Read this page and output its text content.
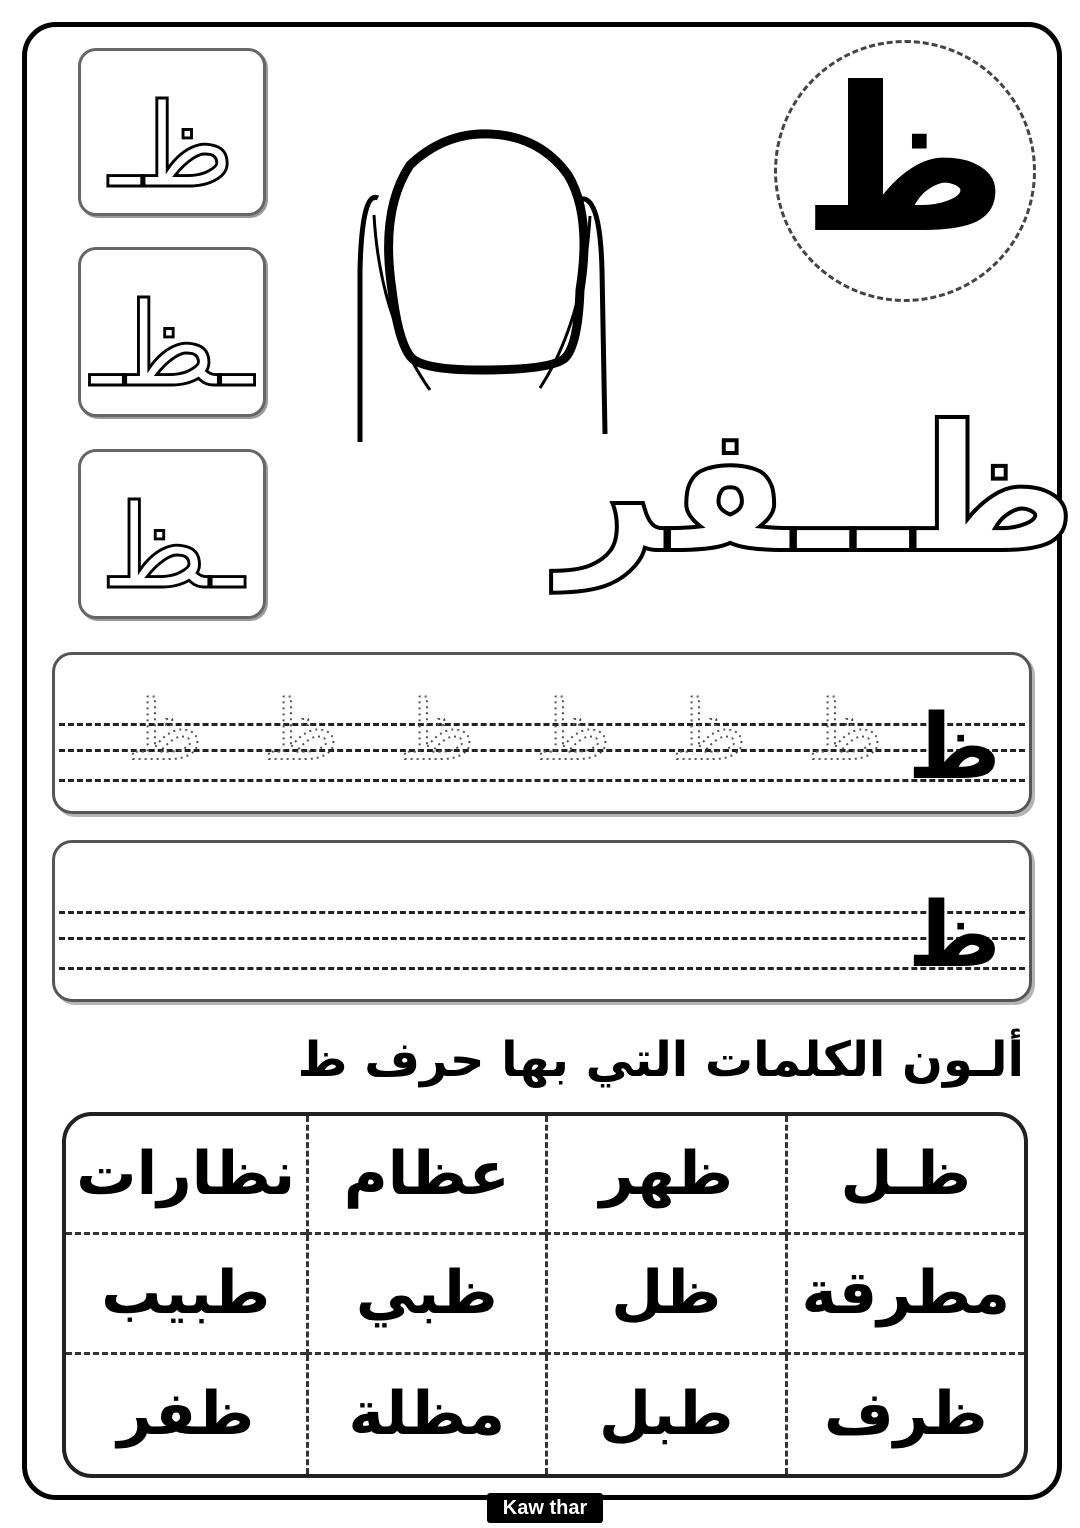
ظـ
ـظـ
ـظ
ظ
ظــفر
ظ ظ ظ ظ ظ ظ ظ
ظ
ألـون الكلمات التي بها حرف ظ
ظـل
ظهر
عظام
نظارات
مطرقة
ظل
ظبي
طبيب
ظرف
طبل
مظلة
ظفر
Kaw thar
